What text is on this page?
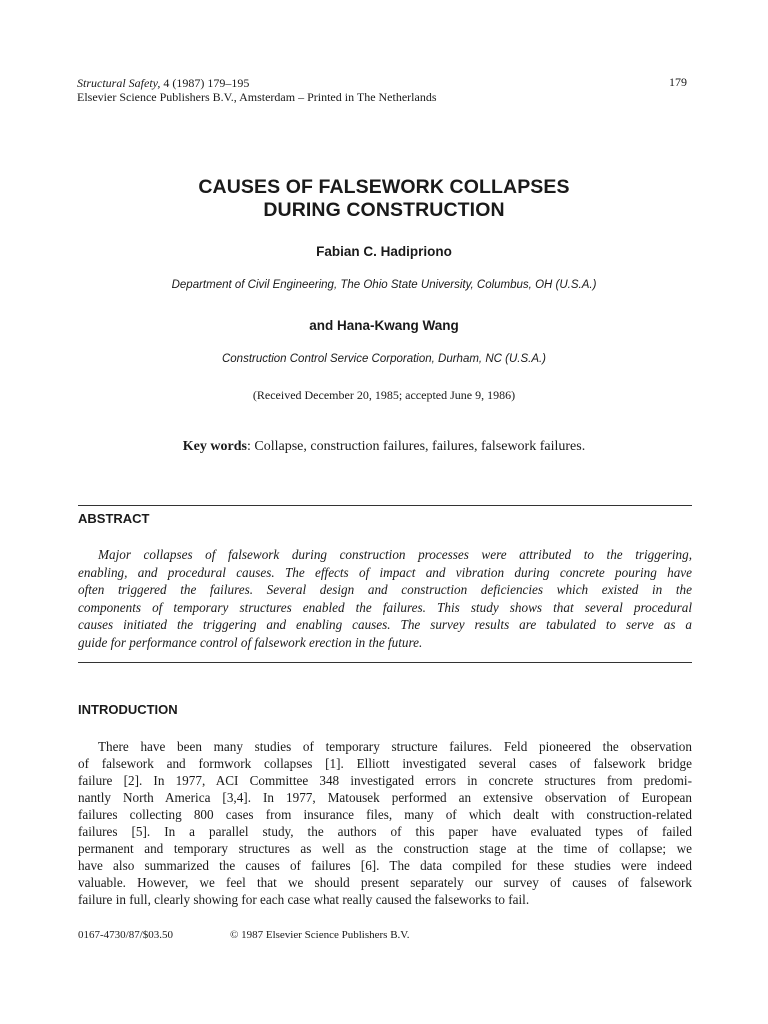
Structural Safety, 4 (1987) 179–195
Elsevier Science Publishers B.V., Amsterdam – Printed in The Netherlands
179
CAUSES OF FALSEWORK COLLAPSES
DURING CONSTRUCTION
Fabian C. Hadipriono
Department of Civil Engineering, The Ohio State University, Columbus, OH (U.S.A.)
and Hana-Kwang Wang
Construction Control Service Corporation, Durham, NC (U.S.A.)
(Received December 20, 1985; accepted June 9, 1986)
Key words: Collapse, construction failures, failures, falsework failures.
ABSTRACT
Major collapses of falsework during construction processes were attributed to the triggering,
enabling, and procedural causes. The effects of impact and vibration during concrete pouring have
often triggered the failures. Several design and construction deficiencies which existed in the
components of temporary structures enabled the failures. This study shows that several procedural
causes initiated the triggering and enabling causes. The survey results are tabulated to serve as a
guide for performance control of falsework erection in the future.
INTRODUCTION
There have been many studies of temporary structure failures. Feld pioneered the observation
of falsework and formwork collapses [1]. Elliott investigated several cases of falsework bridge
failure [2]. In 1977, ACI Committee 348 investigated errors in concrete structures from predomi-
nantly North America [3,4]. In 1977, Matousek performed an extensive observation of European
failures collecting 800 cases from insurance files, many of which dealt with construction-related
failures [5]. In a parallel study, the authors of this paper have evaluated types of failed
permanent and temporary structures as well as the construction stage at the time of collapse; we
have also summarized the causes of failures [6]. The data compiled for these studies were indeed
valuable. However, we feel that we should present separately our survey of causes of falsework
failure in full, clearly showing for each case what really caused the falseworks to fail.
0167-4730/87/$03.50	© 1987 Elsevier Science Publishers B.V.
